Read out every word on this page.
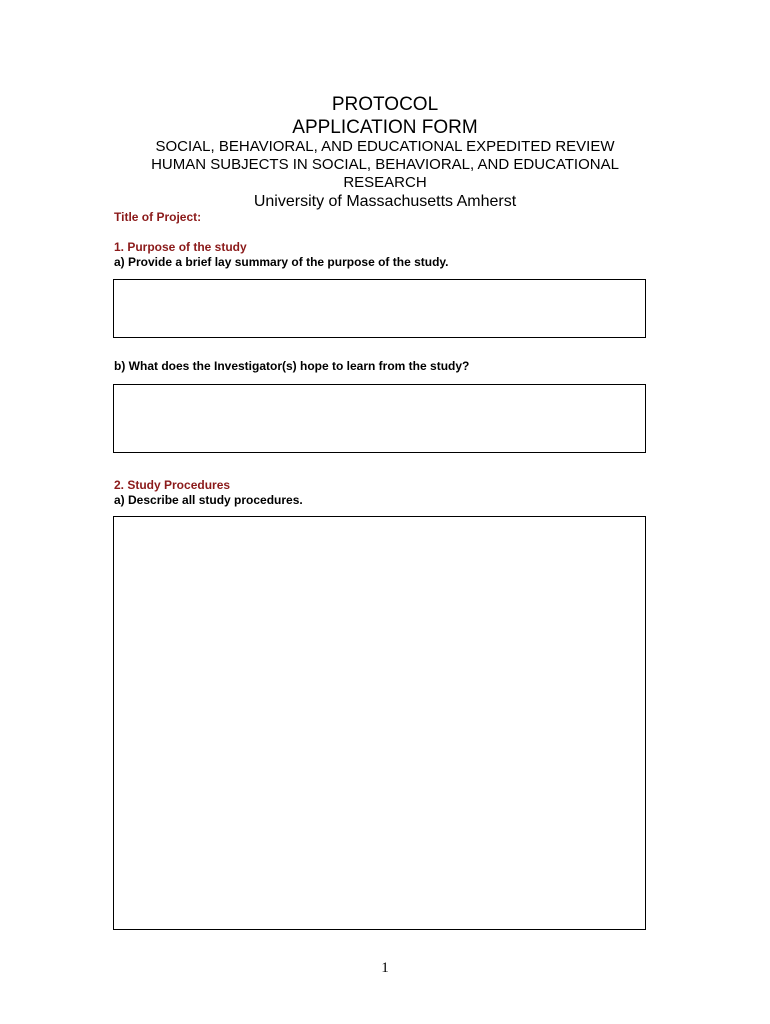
PROTOCOL
APPLICATION FORM
SOCIAL, BEHAVIORAL, AND EDUCATIONAL EXPEDITED REVIEW
HUMAN SUBJECTS IN SOCIAL, BEHAVIORAL, AND EDUCATIONAL
RESEARCH
University of Massachusetts Amherst
Title of Project:
1. Purpose of the study
a) Provide a brief lay summary of the purpose of the study.
b) What does the Investigator(s) hope to learn from the study?
2. Study Procedures
a) Describe all study procedures.
1
